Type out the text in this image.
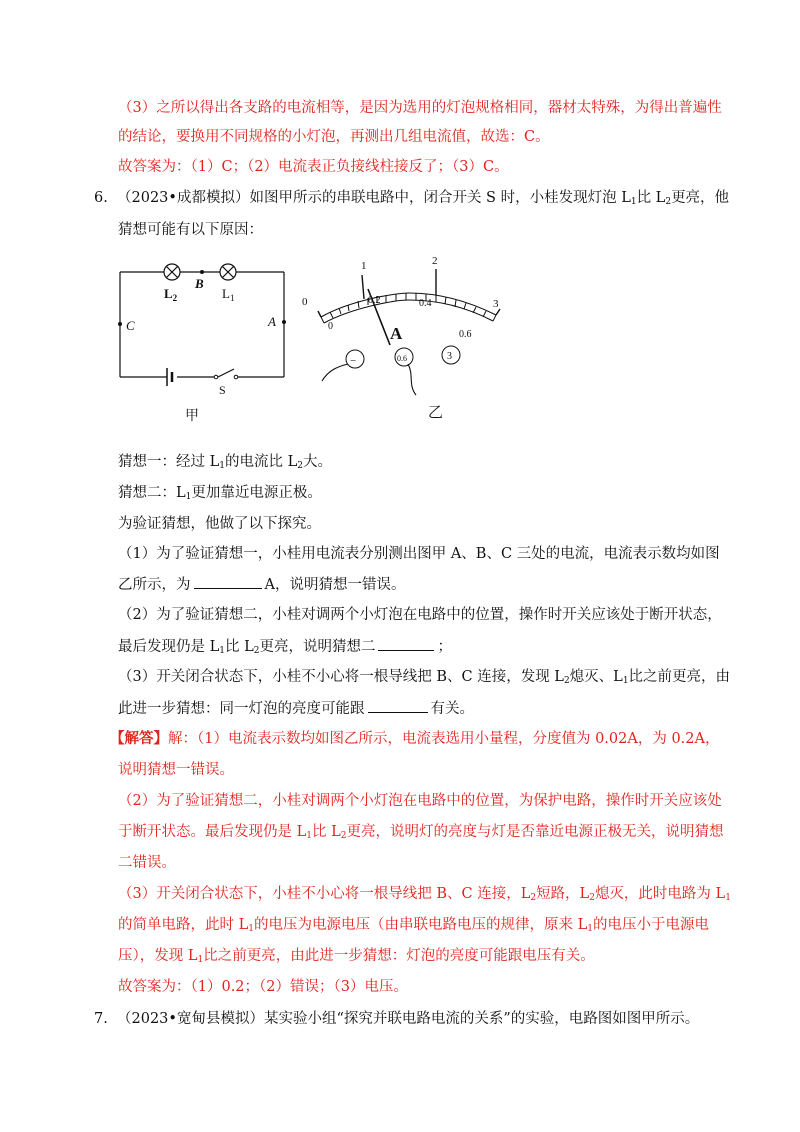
（3）之所以得出各支路的电流相等，是因为选用的灯泡规格相同，器材太特殊，为得出普遍性
的结论，要换用不同规格的小灯泡，再测出几组电流值，故选：C。
故答案为：（1）C；（2）电流表正负接线柱接反了；（3）C。
6. （2023•成都模拟）如图甲所示的串联电路中，闭合开关 S 时，小桂发现灯泡 $L_1$比 $L_2$更亮，他
猜想可能有以下原因：
$L_2$
B
$L_1$
C	A
S
甲
0
1	2
3
0
0.2	0.4
0.6
A
−	0.6	3
乙
猜想一：经过 $L_1$的电流比 $L_2$大。
猜想二：$L_1$更加靠近电源正极。
为验证猜想，他做了以下探究。
（1）为了验证猜想一，小桂用电流表分别测出图甲 A、B、C 三处的电流，电流表示数均如图
乙所示，为	A，说明猜想一错误。
（2）为了验证猜想二，小桂对调两个小灯泡在电路中的位置，操作时开关应该处于断开状态，
最后发现仍是 $L_1$比 $L_2$更亮，说明猜想二	；
（3）开关闭合状态下，小桂不小心将一根导线把 B、C 连接，发现 $L_2$熄灭、$L_1$比之前更亮，由
此进一步猜想：同一灯泡的亮度可能跟	有关。
【解答】解：（1）电流表示数均如图乙所示，电流表选用小量程，分度值为 0.02A，为 0.2A，
说明猜想一错误。
（2）为了验证猜想二，小桂对调两个小灯泡在电路中的位置，为保护电路，操作时开关应该处
于断开状态。最后发现仍是 $L_1$比 $L_2$更亮，说明灯的亮度与灯是否靠近电源正极无关，说明猜想
二错误。
（3）开关闭合状态下，小桂不小心将一根导线把 B、C 连接，$L_2$短路，$L_2$熄灭，此时电路为 $L_1$
的简单电路，此时 $L_1$的电压为电源电压（由串联电路电压的规律，原来 $L_1$的电压小于电源电
压），发现 $L_1$比之前更亮，由此进一步猜想：灯泡的亮度可能跟电压有关。
故答案为：（1）0.2；（2）错误；（3）电压。
7. （2023•宽甸县模拟）某实验小组“探究并联电路电流的关系”的实验，电路图如图甲所示。
